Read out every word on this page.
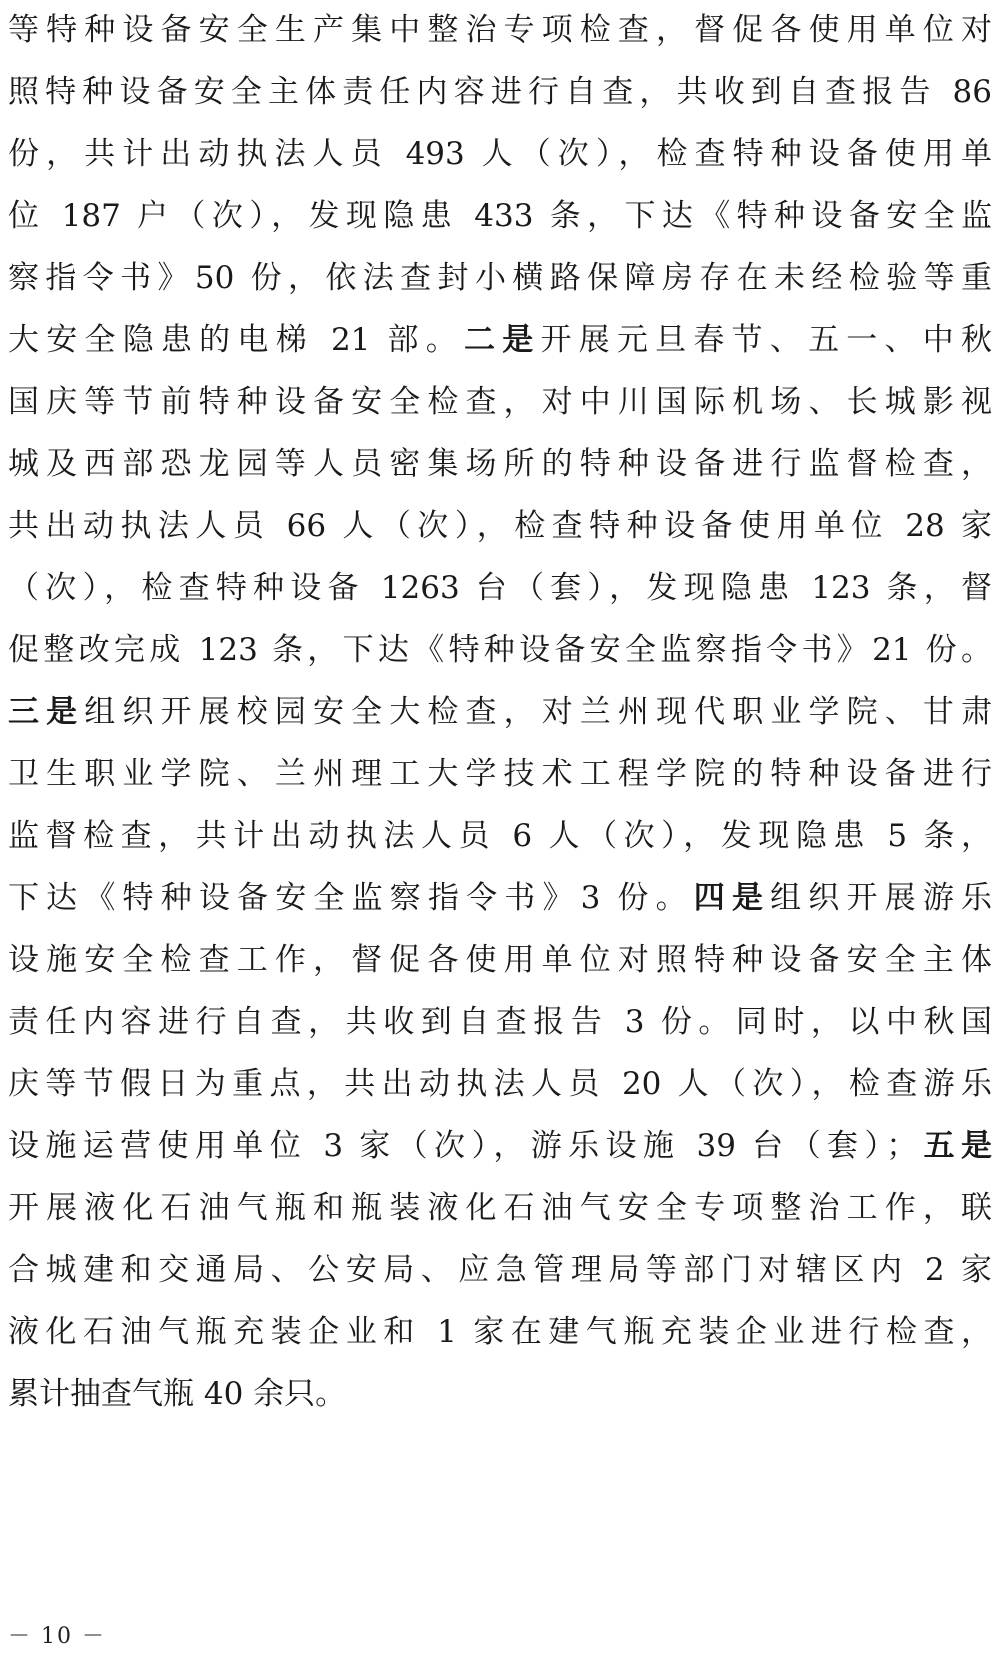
等特种设备安全生产集中整治专项检查，督促各使用单位对
照特种设备安全主体责任内容进行自查，共收到自查报告 86
份，共计出动执法人员 493 人（次），检查特种设备使用单
位 187 户（次），发现隐患 433 条，下达《特种设备安全监
察指令书》50 份，依法查封小横路保障房存在未经检验等重
大安全隐患的电梯 21 部。二是开展元旦春节、五一、中秋
国庆等节前特种设备安全检查，对中川国际机场、长城影视
城及西部恐龙园等人员密集场所的特种设备进行监督检查，
共出动执法人员 66 人（次），检查特种设备使用单位 28 家
（次），检查特种设备 1263 台（套），发现隐患 123 条，督
促整改完成 123 条，下达《特种设备安全监察指令书》21 份。
三是组织开展校园安全大检查，对兰州现代职业学院、甘肃
卫生职业学院、兰州理工大学技术工程学院的特种设备进行
监督检查，共计出动执法人员 6 人（次），发现隐患 5 条，
下达《特种设备安全监察指令书》3 份。四是组织开展游乐
设施安全检查工作，督促各使用单位对照特种设备安全主体
责任内容进行自查，共收到自查报告 3 份。同时，以中秋国
庆等节假日为重点，共出动执法人员 20 人（次），检查游乐
设施运营使用单位 3 家（次），游乐设施 39 台（套）；五是
开展液化石油气瓶和瓶装液化石油气安全专项整治工作，联
合城建和交通局、公安局、应急管理局等部门对辖区内 2 家
液化石油气瓶充装企业和 1 家在建气瓶充装企业进行检查，
累计抽查气瓶 40 余只。
－ 10 －
